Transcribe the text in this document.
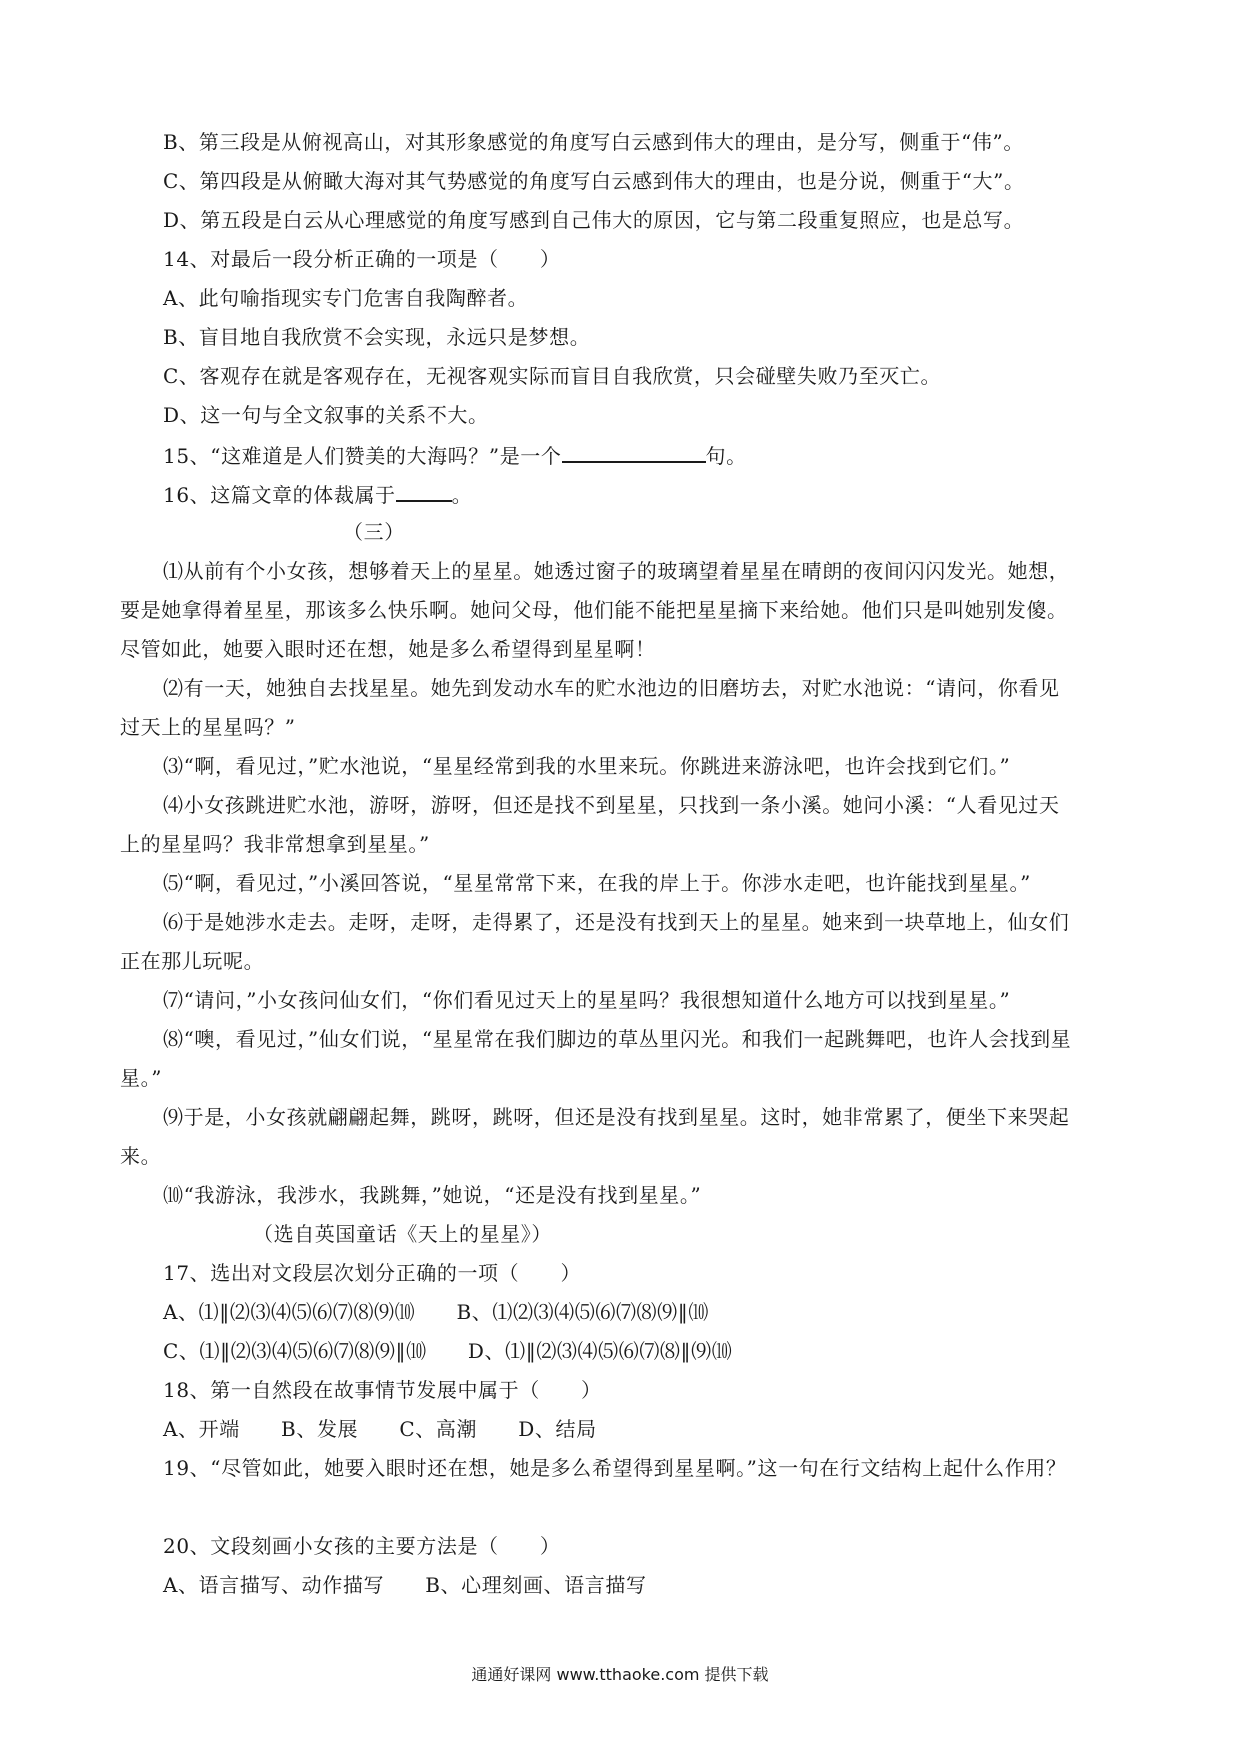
B、第三段是从俯视高山，对其形象感觉的角度写白云感到伟大的理由，是分写，侧重于“伟”。
C、第四段是从俯瞰大海对其气势感觉的角度写白云感到伟大的理由，也是分说，侧重于“大”。
D、第五段是白云从心理感觉的角度写感到自己伟大的原因，它与第二段重复照应，也是总写。
14、对最后一段分析正确的一项是（　　）
A、此句喻指现实专门危害自我陶醉者。
B、盲目地自我欣赏不会实现，永远只是梦想。
C、客观存在就是客观存在，无视客观实际而盲目自我欣赏，只会碰壁失败乃至灭亡。
D、这一句与全文叙事的关系不大。
15、“这难道是人们赞美的大海吗？”是一个	句。
16、这篇文章的体裁属于	。
（三）
⑴从前有个小女孩，想够着天上的星星。她透过窗子的玻璃望着星星在晴朗的夜间闪闪发光。她想，
要是她拿得着星星，那该多么快乐啊。她问父母，他们能不能把星星摘下来给她。他们只是叫她别发傻。
尽管如此，她要入眼时还在想，她是多么希望得到星星啊！
⑵有一天，她独自去找星星。她先到发动水车的贮水池边的旧磨坊去，对贮水池说：“请问，你看见
过天上的星星吗？”
⑶“啊，看见过，”贮水池说，“星星经常到我的水里来玩。你跳进来游泳吧，也许会找到它们。”
⑷小女孩跳进贮水池，游呀，游呀，但还是找不到星星，只找到一条小溪。她问小溪：“人看见过天
上的星星吗？我非常想拿到星星。”
⑸“啊，看见过，”小溪回答说，“星星常常下来，在我的岸上于。你涉水走吧，也许能找到星星。”
⑹于是她涉水走去。走呀，走呀，走得累了，还是没有找到天上的星星。她来到一块草地上，仙女们
正在那儿玩呢。
⑺“请问，”小女孩问仙女们，“你们看见过天上的星星吗？我很想知道什么地方可以找到星星。”
⑻“噢，看见过，”仙女们说，“星星常在我们脚边的草丛里闪光。和我们一起跳舞吧，也许人会找到星
星。”
⑼于是，小女孩就翩翩起舞，跳呀，跳呀，但还是没有找到星星。这时，她非常累了，便坐下来哭起
来。
⑽“我游泳，我涉水，我跳舞，”她说，“还是没有找到星星。”
（选自英国童话《天上的星星》）
17、选出对文段层次划分正确的一项（　　）
A、⑴‖⑵⑶⑷⑸⑹⑺⑻⑼⑽　　B、⑴⑵⑶⑷⑸⑹⑺⑻⑼‖⑽
C、⑴‖⑵⑶⑷⑸⑹⑺⑻⑼‖⑽　　D、⑴‖⑵⑶⑷⑸⑹⑺⑻‖⑼⑽
18、第一自然段在故事情节发展中属于（　　）
A、开端　　B、发展　　C、高潮　　D、结局
19、“尽管如此，她要入眼时还在想，她是多么希望得到星星啊。”这一句在行文结构上起什么作用？
20、文段刻画小女孩的主要方法是（　　）
A、语言描写、动作描写　　B、心理刻画、语言描写
通通好课网 www.tthaoke.com 提供下载
